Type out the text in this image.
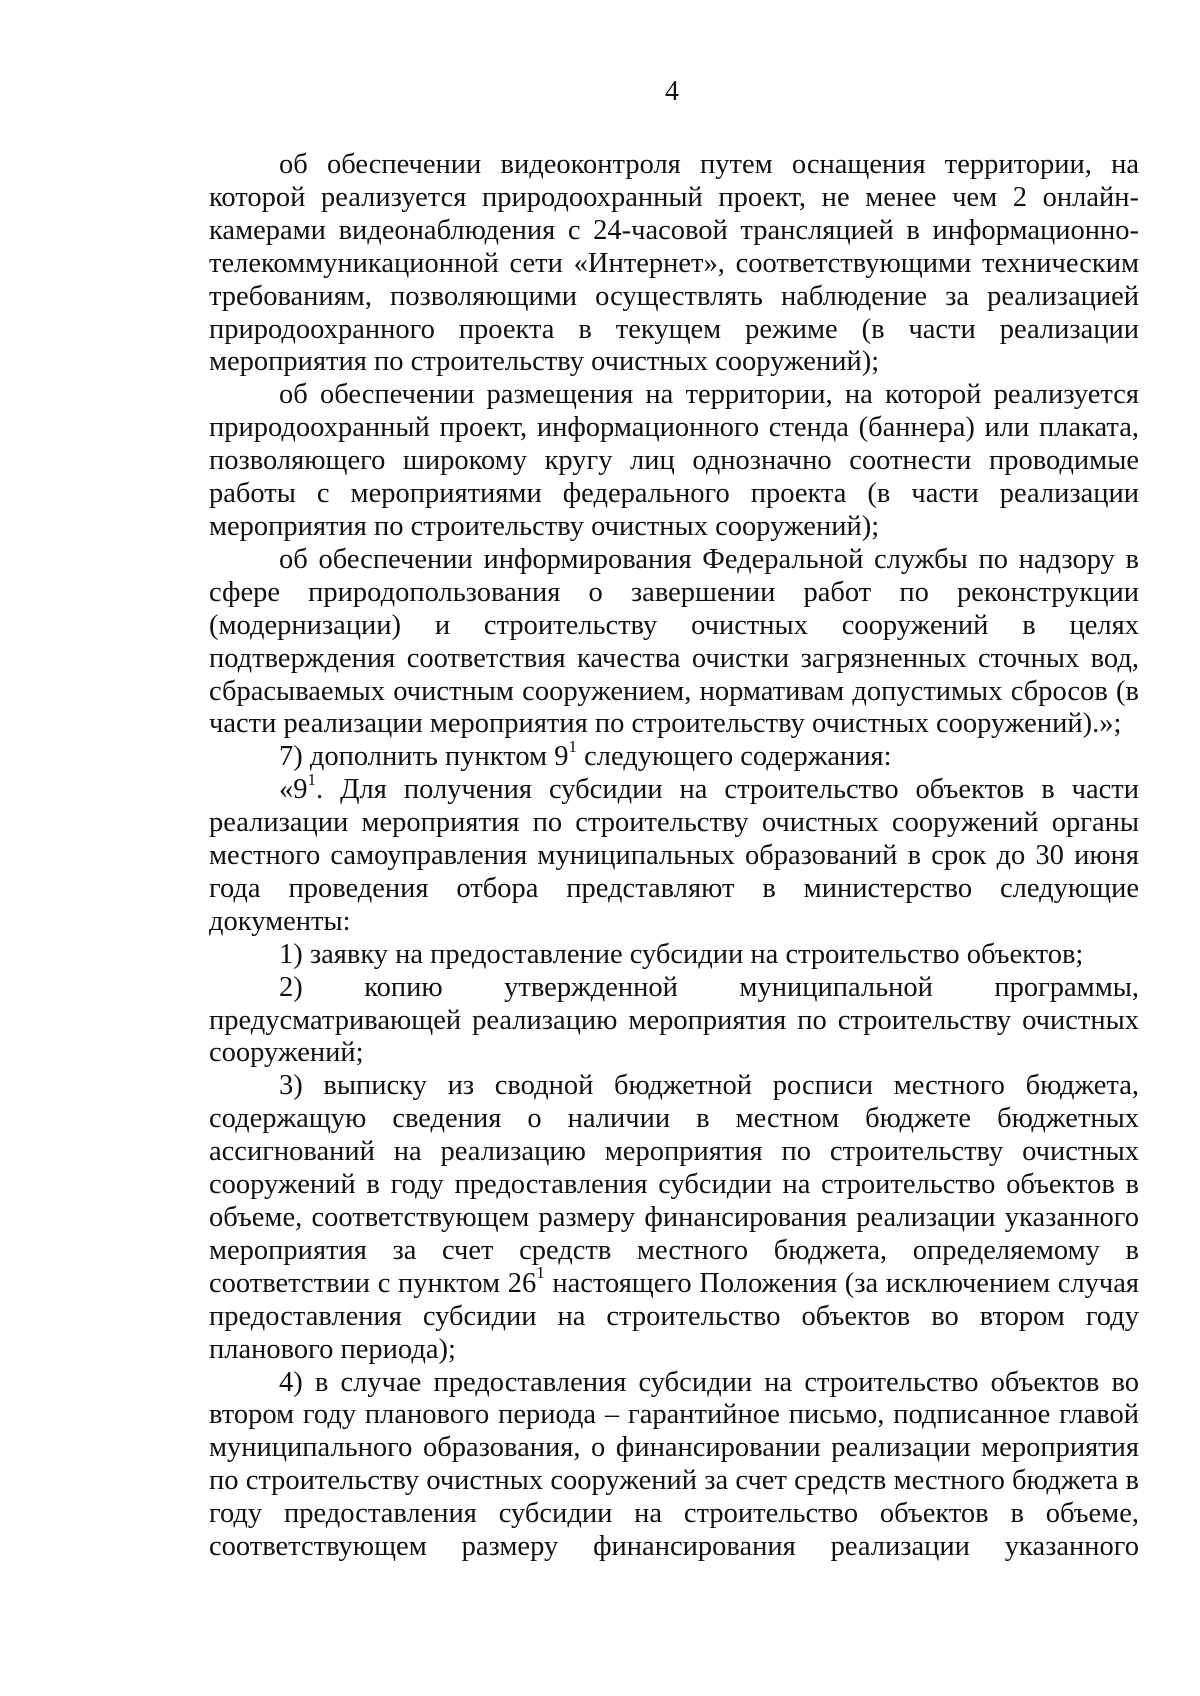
4

об обеспечении видеоконтроля путем оснащения территории, на которой реализуется природоохранный проект, не менее чем 2 онлайн-камерами видеонаблюдения с 24-часовой трансляцией в информационно-телекоммуникационной сети «Интернет», соответствующими техническим требованиям, позволяющими осуществлять наблюдение за реализацией природоохранного проекта в текущем режиме (в части реализации мероприятия по строительству очистных сооружений);

об обеспечении размещения на территории, на которой реализуется природоохранный проект, информационного стенда (баннера) или плаката, позволяющего широкому кругу лиц однозначно соотнести проводимые работы с мероприятиями федерального проекта (в части реализации мероприятия по строительству очистных сооружений);

об обеспечении информирования Федеральной службы по надзору в сфере природопользования о завершении работ по реконструкции (модернизации) и строительству очистных сооружений в целях подтверждения соответствия качества очистки загрязненных сточных вод, сбрасываемых очистным сооружением, нормативам допустимых сбросов (в части реализации мероприятия по строительству очистных сооружений).»;

7) дополнить пунктом $9^1$ следующего содержания:

«$9^1$. Для получения субсидии на строительство объектов в части реализации мероприятия по строительству очистных сооружений органы местного самоуправления муниципальных образований в срок до 30 июня года проведения отбора представляют в министерство следующие документы:

1) заявку на предоставление субсидии на строительство объектов;

2) копию утвержденной муниципальной программы, предусматривающей реализацию мероприятия по строительству очистных сооружений;

3) выписку из сводной бюджетной росписи местного бюджета, содержащую сведения о наличии в местном бюджете бюджетных ассигнований на реализацию мероприятия по строительству очистных сооружений в году предоставления субсидии на строительство объектов в объеме, соответствующем размеру финансирования реализации указанного мероприятия за счет средств местного бюджета, определяемому в соответствии с пунктом $26^1$ настоящего Положения (за исключением случая предоставления субсидии на строительство объектов во втором году планового периода);

4) в случае предоставления субсидии на строительство объектов во втором году планового периода – гарантийное письмо, подписанное главой муниципального образования, о финансировании реализации мероприятия по строительству очистных сооружений за счет средств местного бюджета в году предоставления субсидии на строительство объектов в объеме, соответствующем размеру финансирования реализации указанного
